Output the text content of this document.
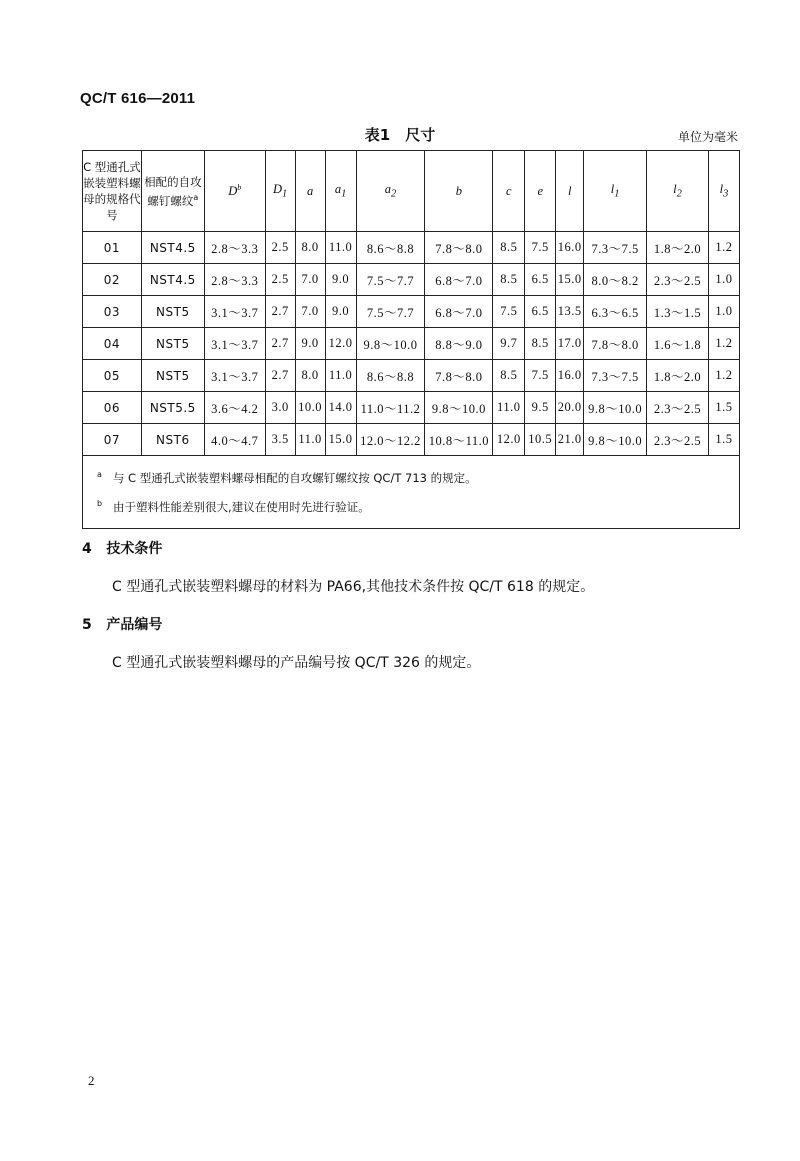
QC/T 616—2011
表1　尺寸	单位为毫米
C 型通孔式嵌装塑料螺母的规格代号	相配的自攻螺钉螺纹$^a$	$D^b$	$D_1$	a	$a_1$	$a_2$	b	c	e	l	$l_1$	$l_2$	$l_3$
01	NST4.5	2.8～3.3	2.5	8.0	11.0	8.6～8.8	7.8～8.0	8.5	7.5	16.0	7.3～7.5	1.8～2.0	1.2
02	NST4.5	2.8～3.3	2.5	7.0	9.0	7.5～7.7	6.8～7.0	8.5	6.5	15.0	8.0～8.2	2.3～2.5	1.0
03	NST5	3.1～3.7	2.7	7.0	9.0	7.5～7.7	6.8～7.0	7.5	6.5	13.5	6.3～6.5	1.3～1.5	1.0
04	NST5	3.1～3.7	2.7	9.0	12.0	9.8～10.0	8.8～9.0	9.7	8.5	17.0	7.8～8.0	1.6～1.8	1.2
05	NST5	3.1～3.7	2.7	8.0	11.0	8.6～8.8	7.8～8.0	8.5	7.5	16.0	7.3～7.5	1.8～2.0	1.2
06	NST5.5	3.6～4.2	3.0	10.0	14.0	11.0～11.2	9.8～10.0	11.0	9.5	20.0	9.8～10.0	2.3～2.5	1.5
07	NST6	4.0～4.7	3.5	11.0	15.0	12.0～12.2	10.8～11.0	12.0	10.5	21.0	9.8～10.0	2.3～2.5	1.5

$^a$ 与 C 型通孔式嵌装塑料螺母相配的自攻螺钉螺纹按 QC/T 713 的规定。
$^b$ 由于塑料性能差别很大,建议在使用时先进行验证。													
4 技术条件
C 型通孔式嵌装塑料螺母的材料为 PA66,其他技术条件按 QC/T 618 的规定。
5 产品编号
C 型通孔式嵌装塑料螺母的产品编号按 QC/T 326 的规定。
2
